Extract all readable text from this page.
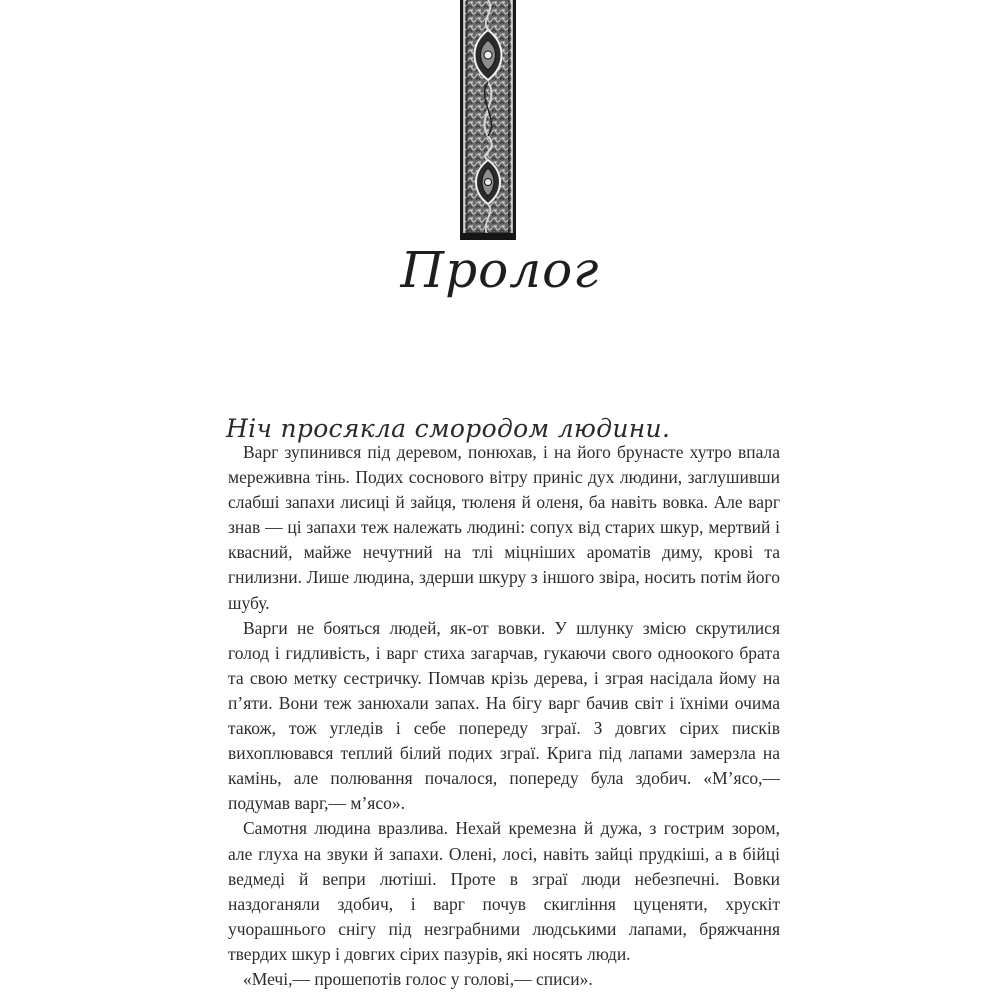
Пролог
Ніч просякла смородом людини.

Варг зупинився під деревом, понюхав, і на його брунасте хутро впала мереживна тінь. Подих соснового вітру приніс дух людини, заглушивши слабші запахи лисиці й зайця, тюленя й оленя, ба навіть вовка. Але варг знав — ці запахи теж належать людині: сопух від старих шкур, мертвий і квасний, майже нечутний на тлі міцніших ароматів диму, крові та гнилизни. Лише людина, здерши шкуру з іншого звіра, носить потім його шубу.

Варги не бояться людей, як-от вовки. У шлунку змісю скрутилися голод і гидливість, і варг стиха загарчав, гукаючи свого одноокого брата та свою метку сестричку. Помчав крізь дерева, і зграя насідала йому на п’яти. Вони теж занюхали запах. На бігу варг бачив світ і їхніми очима також, тож угледів і себе попереду зграї. З довгих сірих писків вихоплювався теплий білий подих зграї. Крига під лапами замерзла на камінь, але полювання почалося, попереду була здобич. «М’ясо,— подумав варг,— м’ясо».

Самотня людина вразлива. Нехай кремезна й дужа, з гострим зором, але глуха на звуки й запахи. Олені, лосі, навіть зайці прудкіші, а в бійці ведмеді й вепри лютіші. Проте в зграї люди небезпечні. Вовки наздоганяли здобич, і варг почув скигління цуценяти, хрускіт учорашнього снігу під незграбними людськими лапами, бряжчання твердих шкур і довгих сірих пазурів, які носять люди.

«Мечі,— прошепотів голос у голові,— списи».
